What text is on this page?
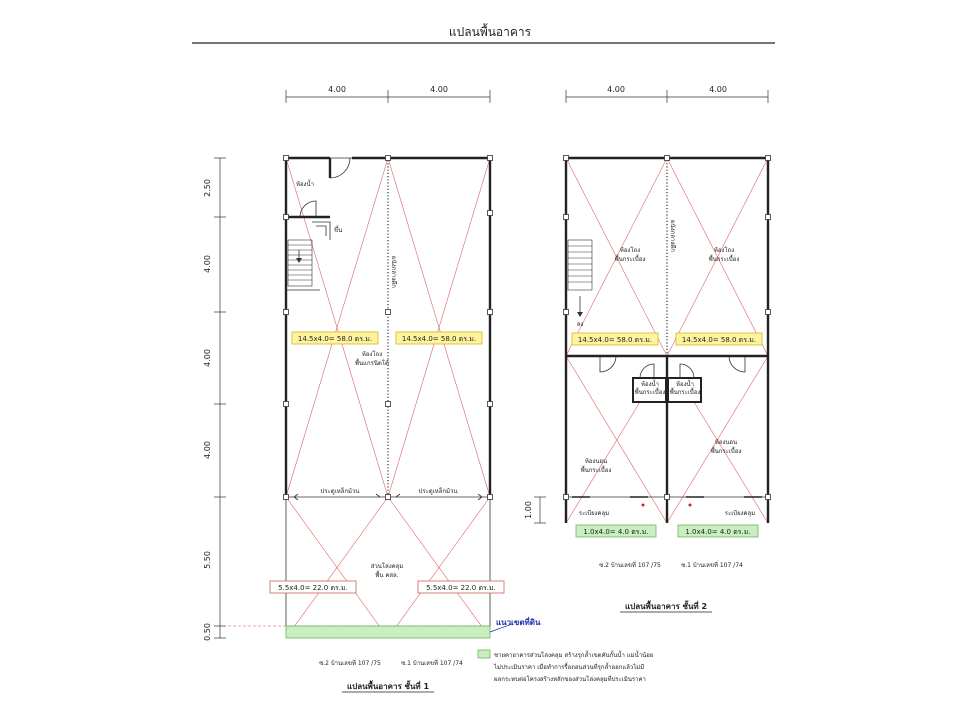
แปลนพื้นอาคาร
4.00	4.00
2.50
4.00
4.00
4.00
5.50
0.50
ห้องน้ำ
ขึ้น
ผนังกลางตึก
14.5x4.0= 58.0 ตร.ม.	14.5x4.0= 58.0 ตร.ม.
ห้องโถง
พื้นแกรนิตโต้
ประตูเหล็กม้วน	ประตูเหล็กม้วน
ส่วนโล่งคลุม
พื้น คสล.
5.5x4.0= 22.0 ตร.ม.	5.5x4.0= 22.0 ตร.ม.
แนวเขตที่ดิน
ซ.2 บ้านเลขที่ 107 /75	ซ.1 บ้านเลขที่ 107 /74
แปลนพื้นอาคาร ชั้นที่ 1
4.00	4.00
1.00
ห้องน้ำ
พื้นกระเบื้อง
ห้องน้ำ
พื้นกระเบื้อง
ลง
ผนังกลางตึก
ห้องโถง
พื้นกระเบื้อง
ห้องโถง
พื้นกระเบื้อง
14.5x4.0= 58.0 ตร.ม.	14.5x4.0= 58.0 ตร.ม.
ห้องนอน
พื้นกระเบื้อง
ห้องนอน
พื้นกระเบื้อง
ระเบียงคลุม	ระเบียงคลุม
1.0x4.0= 4.0 ตร.ม.	1.0x4.0= 4.0 ตร.ม.
ซ.2 บ้านเลขที่ 107 /75	ซ.1 บ้านเลขที่ 107 /74
แปลนพื้นอาคาร ชั้นที่ 2
ชายคาอาคารส่วนโล่งคลุม สร้างรุกล้ำเขตคันกั้นน้ำ แม่น้ำน้อย
ไม่ประเมินราคา เมื่อทำการรื้อถอนส่วนที่รุกล้ำออกแล้วไม่มี
ผลกระทบต่อโครงสร้างหลักของส่วนโล่งคลุมที่ประเมินราคา
